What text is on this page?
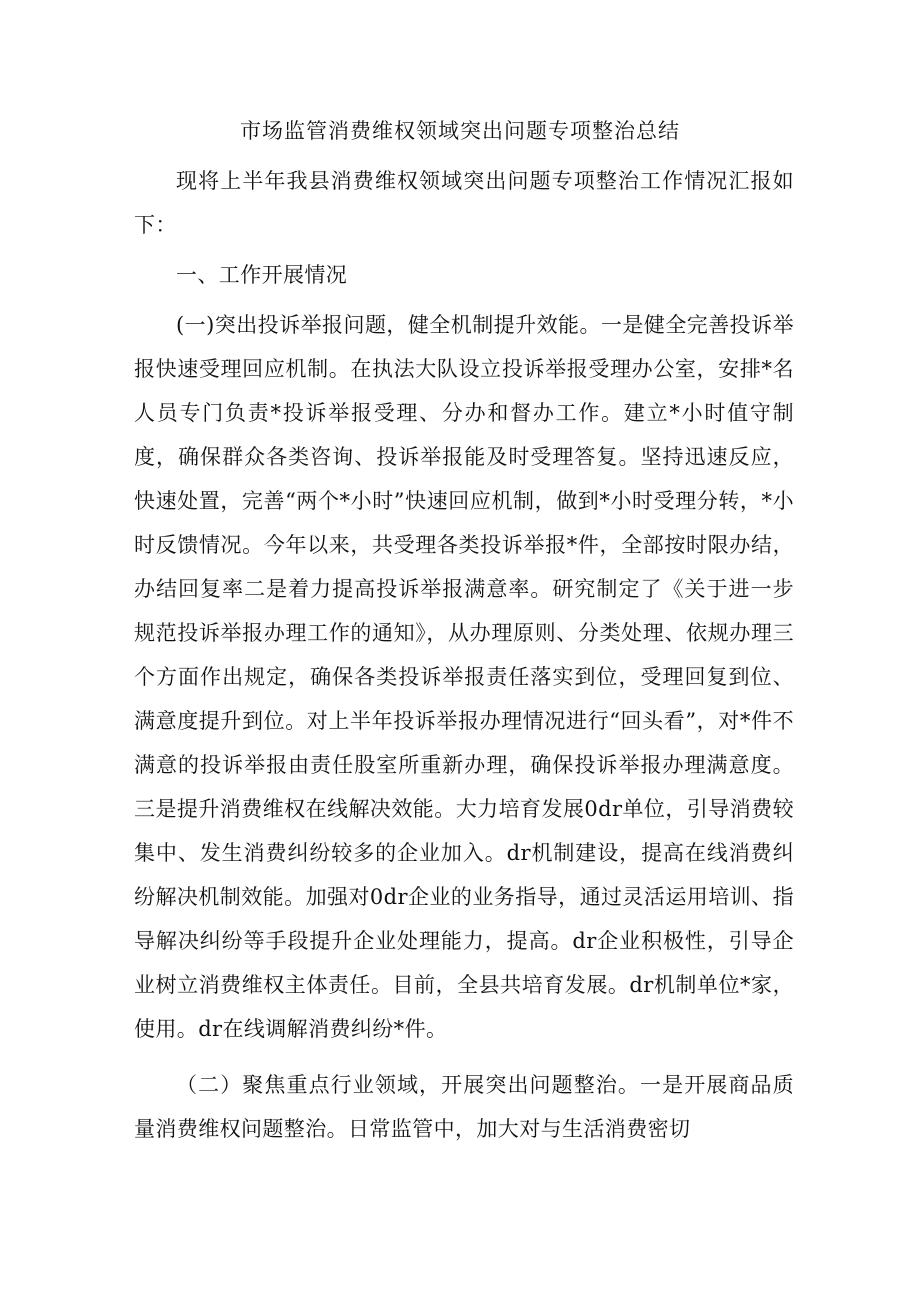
市场监管消费维权领域突出问题专项整治总结

现将上半年我县消费维权领域突出问题专项整治工作情况汇报如下：

一、工作开展情况

(一)突出投诉举报问题，健全机制提升效能。一是健全完善投诉举报快速受理回应机制。在执法大队设立投诉举报受理办公室，安排*名人员专门负责*投诉举报受理、分办和督办工作。建立*小时值守制度，确保群众各类咨询、投诉举报能及时受理答复。坚持迅速反应，快速处置，完善“两个*小时”快速回应机制，做到*小时受理分转，*小时反馈情况。今年以来，共受理各类投诉举报*件，全部按时限办结，办结回复率二是着力提高投诉举报满意率。研究制定了《关于进一步规范投诉举报办理工作的通知》，从办理原则、分类处理、依规办理三个方面作出规定，确保各类投诉举报责任落实到位，受理回复到位、满意度提升到位。对上半年投诉举报办理情况进行“回头看”，对*件不满意的投诉举报由责任股室所重新办理，确保投诉举报办理满意度。三是提升消费维权在线解决效能。大力培育发展0dr单位，引导消费较集中、发生消费纠纷较多的企业加入。dr机制建设，提高在线消费纠纷解决机制效能。加强对0dr企业的业务指导，通过灵活运用培训、指导解决纠纷等手段提升企业处理能力，提高。dr企业积极性，引导企业树立消费维权主体责任。目前，全县共培育发展。dr机制单位*家，使用。dr在线调解消费纠纷*件。

（二）聚焦重点行业领域，开展突出问题整治。一是开展商品质量消费维权问题整治。日常监管中，加大对与生活消费密切
